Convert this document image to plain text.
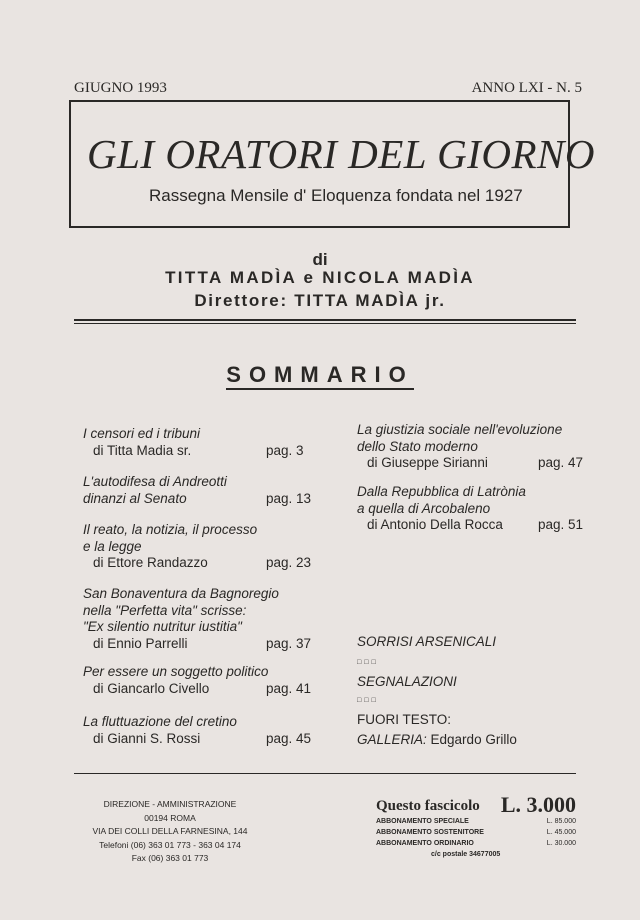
GIUGNO 1993	ANNO LXI - N. 5
GLI ORATORI DEL GIORNO
Rassegna Mensile d' Eloquenza fondata nel 1927
di
TITTA MADÌA e NICOLA MADÌA
Direttore: TITTA MADÌA jr.
SOMMARIO
I censori ed i tribuni
di Titta Madia sr.	pag. 3
L'autodifesa di Andreotti
dinanzi al Senato	pag. 13
Il reato, la notizia, il processo
e la legge
di Ettore Randazzo	pag. 23
San Bonaventura da Bagnoregio
nella "Perfetta vita" scrisse:
"Ex silentio nutritur iustitia"
di Ennio Parrelli	pag. 37
Per essere un soggetto politico
di Giancarlo Civello	pag. 41
La fluttuazione del cretino
di Gianni S. Rossi	pag. 45
La giustizia sociale nell'evoluzione
dello Stato moderno
di Giuseppe Sirianni	pag. 47
Dalla Repubblica di Latrònia
a quella di Arcobaleno
di Antonio Della Rocca	pag. 51
SORRISI ARSENICALI
□□□
SEGNALAZIONI
□□□
FUORI TESTO:
GALLERIA: Edgardo Grillo
DIREZIONE - AMMINISTRAZIONE
00194 ROMA
VIA DEI COLLI DELLA FARNESINA, 144
Telefoni (06) 363 01 773 - 363 04 174
Fax (06) 363 01 773
Questo fascicolo L. 3.000
ABBONAMENTO SPECIALE	L. 85.000
ABBONAMENTO SOSTENITORE	L. 45.000
ABBONAMENTO ORDINARIO	L. 30.000
c/c postale 34677005
